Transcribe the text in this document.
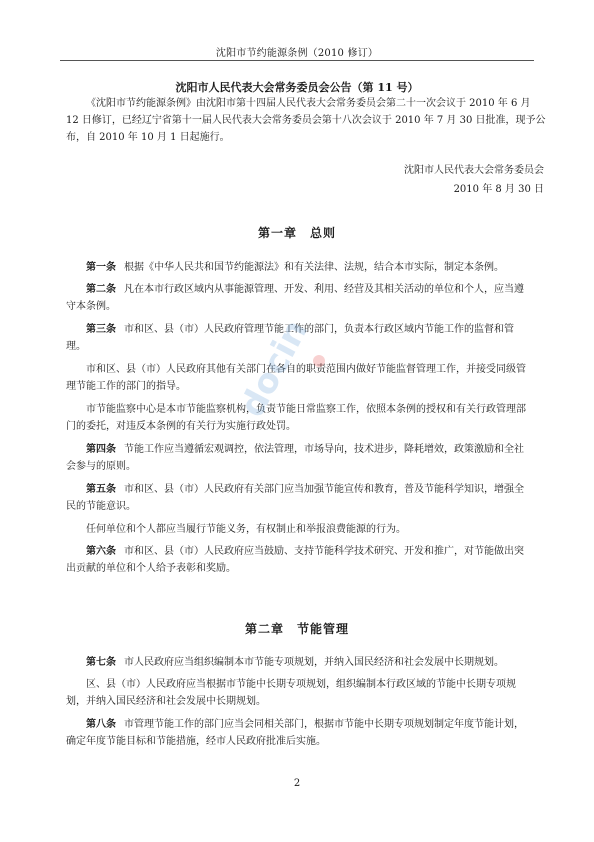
沈阳市节约能源条例（2010 修订）
沈阳市人民代表大会常务委员会公告（第 11 号）
《沈阳市节约能源条例》由沈阳市第十四届人民代表大会常务委员会第二十一次会议于 2010 年 6 月
12 日修订，已经辽宁省第十一届人民代表大会常务委员会第十八次会议于 2010 年 7 月 30 日批准，现予公
布，自 2010 年 10 月 1 日起施行。
沈阳市人民代表大会常务委员会
2010 年 8 月 30 日
第一章　总则
第一条 根据《中华人民共和国节约能源法》和有关法律、法规，结合本市实际，制定本条例。
第二条 凡在本市行政区域内从事能源管理、开发、利用、经营及其相关活动的单位和个人，应当遵
守本条例。
第三条 市和区、县（市）人民政府管理节能工作的部门，负责本行政区域内节能工作的监督和管
理。
市和区、县（市）人民政府其他有关部门在各自的职责范围内做好节能监督管理工作，并接受同级管
理节能工作的部门的指导。
市节能监察中心是本市节能监察机构，负责节能日常监察工作，依照本条例的授权和有关行政管理部
门的委托，对违反本条例的有关行为实施行政处罚。
第四条 节能工作应当遵循宏观调控，依法管理，市场导向，技术进步，降耗增效，政策激励和全社
会参与的原则。
第五条 市和区、县（市）人民政府有关部门应当加强节能宣传和教育，普及节能科学知识，增强全
民的节能意识。
任何单位和个人都应当履行节能义务，有权制止和举报浪费能源的行为。
第六条 市和区、县（市）人民政府应当鼓励、支持节能科学技术研究、开发和推广，对节能做出突
出贡献的单位和个人给予表彰和奖励。
第二章　节能管理
第七条 市人民政府应当组织编制本市节能专项规划，并纳入国民经济和社会发展中长期规划。
区、县（市）人民政府应当根据市节能中长期专项规划，组织编制本行政区域的节能中长期专项规
划，并纳入国民经济和社会发展中长期规划。
第八条 市管理节能工作的部门应当会同相关部门，根据市节能中长期专项规划制定年度节能计划，
确定年度节能目标和节能措施，经市人民政府批准后实施。
docin
2
